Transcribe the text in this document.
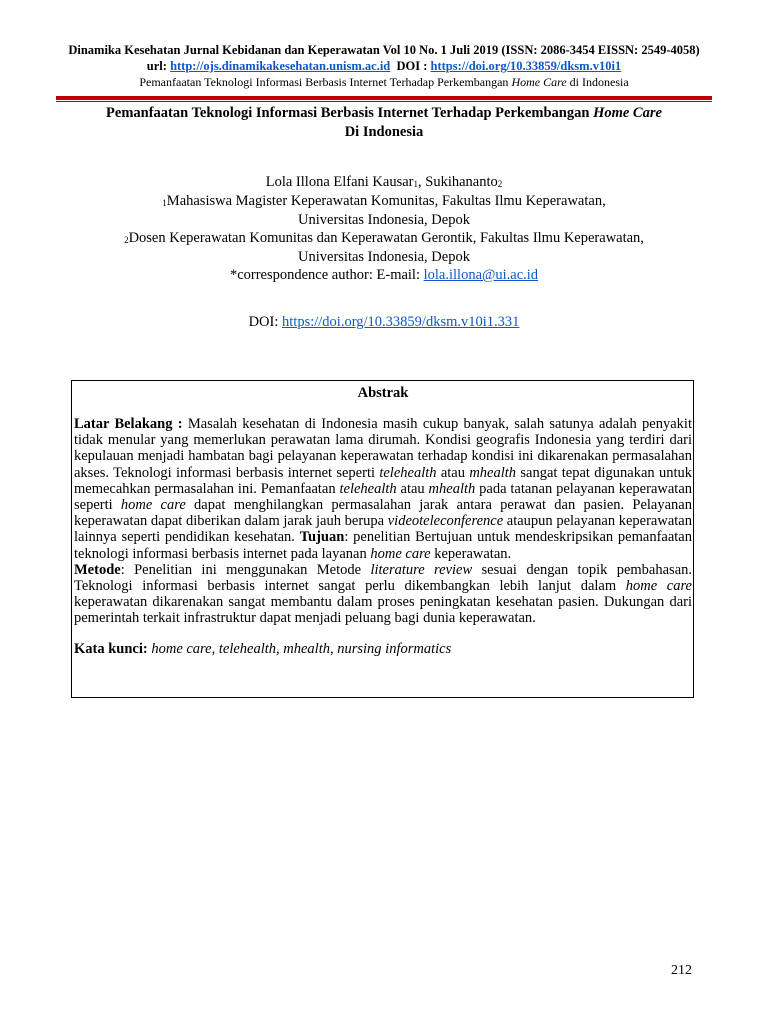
Dinamika Kesehatan Jurnal Kebidanan dan Keperawatan Vol 10 No. 1 Juli 2019 (ISSN: 2086-3454 EISSN: 2549-4058)
url: http://ojs.dinamikakesehatan.unism.ac.id DOI : https://doi.org/10.33859/dksm.v10i1
Pemanfaatan Teknologi Informasi Berbasis Internet Terhadap Perkembangan Home Care di Indonesia
Pemanfaatan Teknologi Informasi Berbasis Internet Terhadap Perkembangan Home Care
Di Indonesia
Lola Illona Elfani Kausar$_1$, Sukihananto$_2$
$_1$Mahasiswa Magister Keperawatan Komunitas, Fakultas Ilmu Keperawatan,
Universitas Indonesia, Depok
$_2$Dosen Keperawatan Komunitas dan Keperawatan Gerontik, Fakultas Ilmu Keperawatan,
Universitas Indonesia, Depok
*correspondence author: E-mail: lola.illona@ui.ac.id
DOI: https://doi.org/10.33859/dksm.v10i1.331
Abstrak

Latar Belakang : Masalah kesehatan di Indonesia masih cukup banyak, salah satunya adalah penyakit tidak menular yang memerlukan perawatan lama dirumah. Kondisi geografis Indonesia yang terdiri dari kepulauan menjadi hambatan bagi pelayanan keperawatan terhadap kondisi ini dikarenakan permasalahan akses. Teknologi informasi berbasis internet seperti telehealth atau mhealth sangat tepat digunakan untuk memecahkan permasalahan ini. Pemanfaatan telehealth atau mhealth pada tatanan pelayanan keperawatan seperti home care dapat menghilangkan permasalahan jarak antara perawat dan pasien. Pelayanan keperawatan dapat diberikan dalam jarak jauh berupa videoteleconference ataupun pelayanan keperawatan lainnya seperti pendidikan kesehatan. Tujuan: penelitian Bertujuan untuk mendeskripsikan pemanfaatan teknologi informasi berbasis internet pada layanan home care keperawatan.

Metode: Penelitian ini menggunakan Metode literature review sesuai dengan topik pembahasan. Teknologi informasi berbasis internet sangat perlu dikembangkan lebih lanjut dalam home care keperawatan dikarenakan sangat membantu dalam proses peningkatan kesehatan pasien. Dukungan dari pemerintah terkait infrastruktur dapat menjadi peluang bagi dunia keperawatan.

Kata kunci: home care, telehealth, mhealth, nursing informatics
212
